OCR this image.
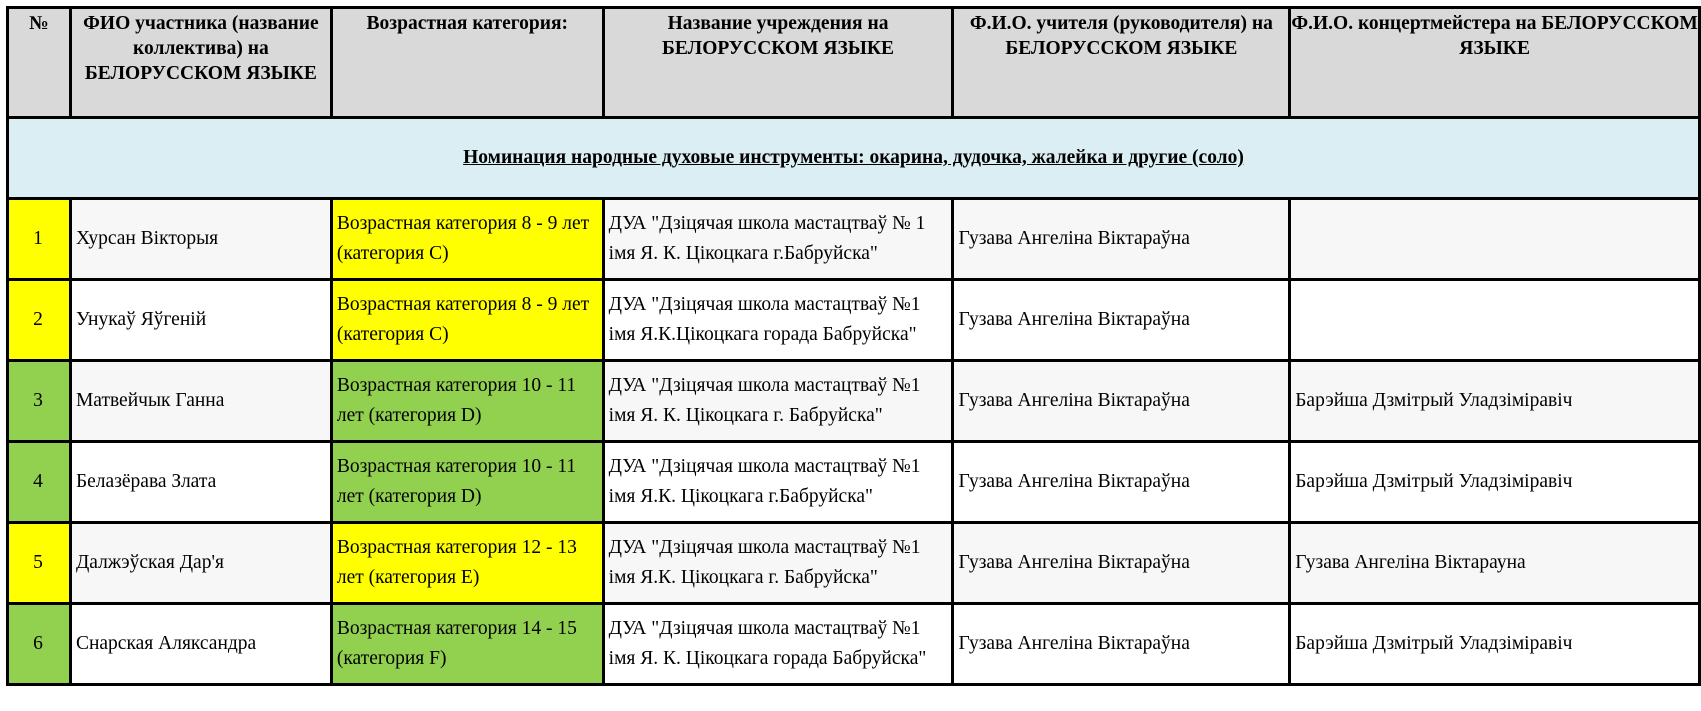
№	ФИО участника (название коллектива) на БЕЛОРУССКОМ ЯЗЫКЕ	Возрастная категория:	Название учреждения на БЕЛОРУССКОМ ЯЗЫКЕ	Ф.И.О. учителя (руководителя) на БЕЛОРУССКОМ ЯЗЫКЕ	Ф.И.О. концертмейстера на БЕЛОРУССКОМ ЯЗЫКЕ
Номинация народные духовые инструменты: окарина, дудочка, жалейка и другие (соло)					
1	Хурсан Вікторыя	Возрастная категория 8 - 9 лет (категория С)	ДУА "Дзіцячая школа мастацтваў № 1 імя Я. К. Цікоцкага г.Бабруйска"	Гузава Ангеліна Віктараўна	
2	Унукаў Яўгеній	Возрастная категория 8 - 9 лет (категория С)	ДУА "Дзіцячая школа мастацтваў №1 імя Я.К.Цікоцкага горада Бабруйска"	Гузава Ангеліна Віктараўна	
3	Матвейчык Ганна	Возрастная категория 10 - 11 лет (категория D)	ДУА "Дзіцячая школа мастацтваў №1 імя Я. К. Цікоцкага г. Бабруйска"	Гузава Ангеліна Віктараўна	Барэйша Дзмітрый Уладзіміравіч
4	Белазёрава Злата	Возрастная категория 10 - 11 лет (категория D)	ДУА "Дзіцячая школа мастацтваў №1 імя Я.К. Цікоцкага г.Бабруйска"	Гузава Ангеліна Віктараўна	Барэйша Дзмітрый Уладзіміравіч
5	Далжэўская Дар'я	Возрастная категория 12 - 13 лет (категория Е)	ДУА "Дзіцячая школа мастацтваў №1 імя Я.К. Цікоцкага г. Бабруйска"	Гузава Ангеліна Віктараўна	Гузава Ангеліна Віктарауна
6	Снарская Аляксандра	Возрастная категория 14 - 15 (категория F)	ДУА "Дзіцячая школа мастацтваў №1 імя Я. К. Цікоцкага горада Бабруйска"	Гузава Ангеліна Віктараўна	Барэйша Дзмітрый Уладзіміравіч
